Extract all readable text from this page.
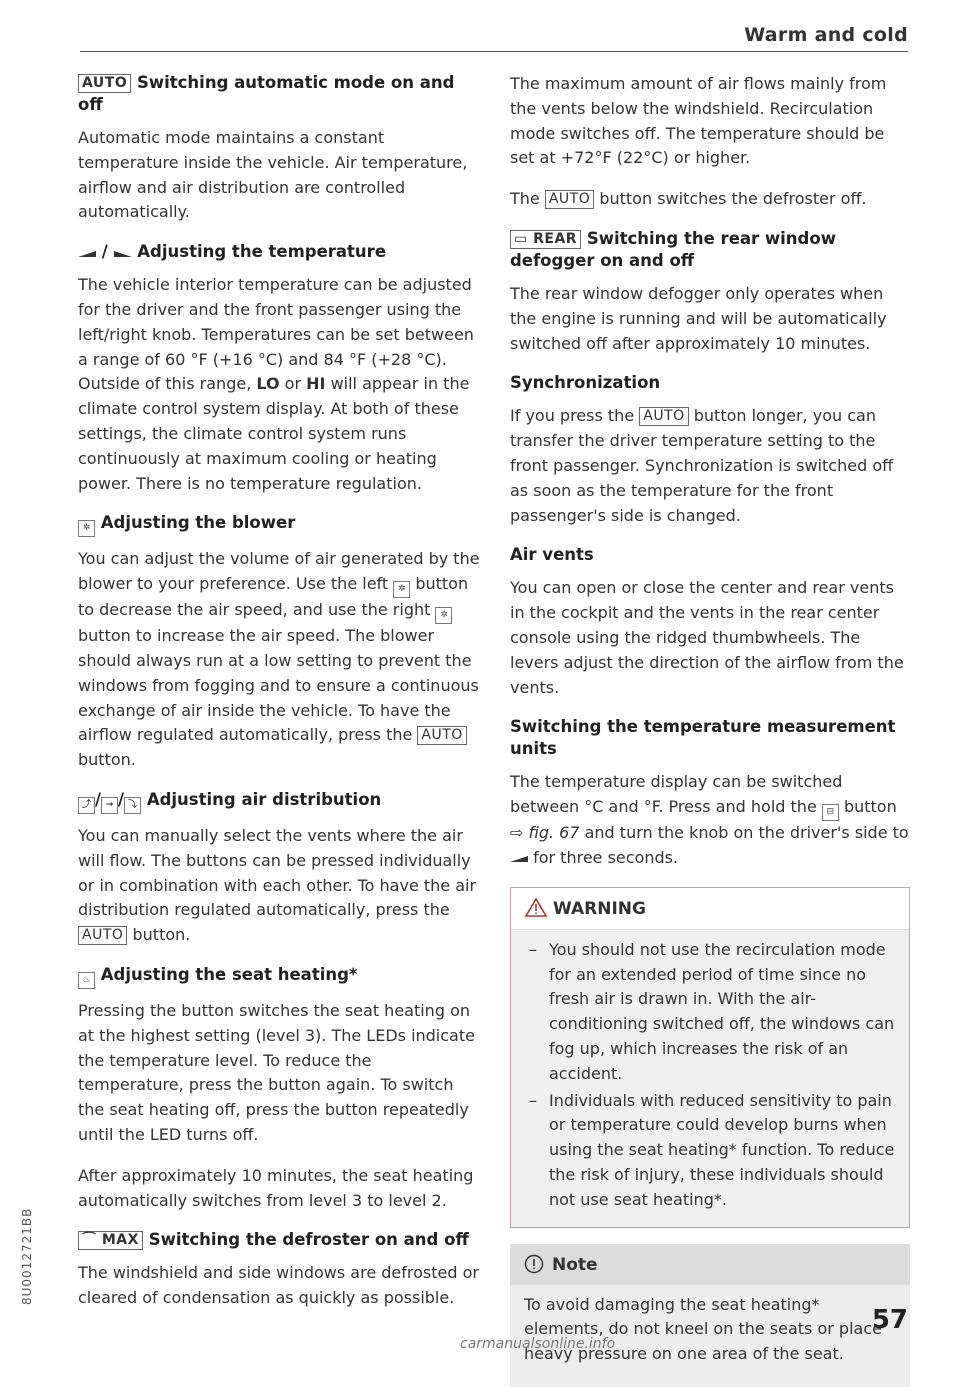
Warm and cold
8U0012721BB
AUTO Switching automatic mode on and off

Automatic mode maintains a constant temperature inside the vehicle. Air temperature, airflow and air distribution are controlled automatically.

/ Adjusting the temperature

The vehicle interior temperature can be adjusted for the driver and the front passenger using the left/right knob. Temperatures can be set between a range of 60 °F (+16 °C) and 84 °F (+28 °C). Outside of this range, LO or HI will appear in the climate control system display. At both of these settings, the climate control system runs continuously at maximum cooling or heating power. There is no temperature regulation.

✲ Adjusting the blower

You can adjust the volume of air generated by the blower to your preference. Use the left ✲ button to decrease the air speed, and use the right ✲ button to increase the air speed. The blower should always run at a low setting to prevent the windows from fogging and to ensure a continuous exchange of air inside the vehicle. To have the airflow regulated automatically, press the AUTO button.

⤴ / → / ⤵ Adjusting air distribution

You can manually select the vents where the air will flow. The buttons can be pressed individually or in combination with each other. To have the air distribution regulated automatically, press the AUTO button.

♨ Adjusting the seat heating*

Pressing the button switches the seat heating on at the highest setting (level 3). The LEDs indicate the temperature level. To reduce the temperature, press the button again. To switch the seat heating off, press the button repeatedly until the LED turns off.

After approximately 10 minutes, the seat heating automatically switches from level 3 to level 2.

⌒ MAX Switching the defroster on and off

The windshield and side windows are defrosted or cleared of condensation as quickly as possible.

The maximum amount of air flows mainly from the vents below the windshield. Recirculation mode switches off. The temperature should be set at +72°F (22°C) or higher.

The AUTO button switches the defroster off.

▭ REAR Switching the rear window defogger on and off

The rear window defogger only operates when the engine is running and will be automatically switched off after approximately 10 minutes.

Synchronization

If you press the AUTO button longer, you can transfer the driver temperature setting to the front passenger. Synchronization is switched off as soon as the temperature for the front passenger's side is changed.

Air vents

You can open or close the center and rear vents in the cockpit and the vents in the rear center console using the ridged thumbwheels. The levers adjust the direction of the airflow from the vents.

Switching the temperature measurement units

The temperature display can be switched between °C and °F. Press and hold the ⊟ button ⇨ fig. 67 and turn the knob on the driver's side to  for three seconds.

WARNING
– You should not use the recirculation mode for an extended period of time since no fresh air is drawn in. With the air-conditioning switched off, the windows can fog up, which increases the risk of an accident.
– Individuals with reduced sensitivity to pain or temperature could develop burns when using the seat heating* function. To reduce the risk of injury, these individuals should not use seat heating*.
Note

To avoid damaging the seat heating* elements, do not kneel on the seats or place heavy pressure on one area of the seat.

57
carmanualsonline.info
